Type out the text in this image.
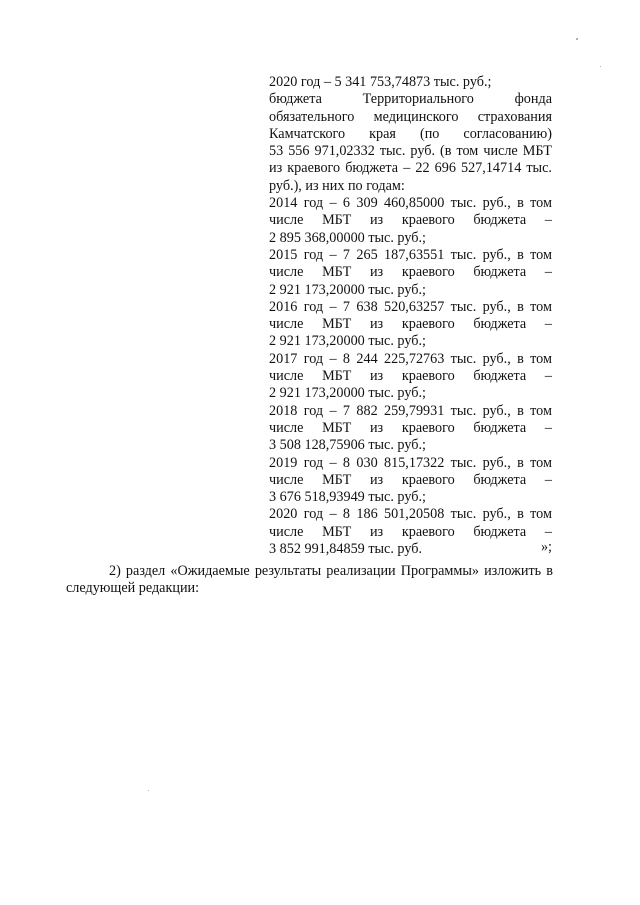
2020 год – 5 341 753,74873 тыс. руб.;
бюджета	Территориального	фонда
обязательного медицинского страхования
Камчатского края (по согласованию)
53 556 971,02332 тыс. руб. (в том числе МБТ
из краевого бюджета – 22 696 527,14714 тыс.
руб.), из них по годам:
2014 год – 6 309 460,85000 тыс. руб., в том
числе МБТ из краевого бюджета –
2 895 368,00000 тыс. руб.;
2015 год – 7 265 187,63551 тыс. руб., в том
числе МБТ из краевого бюджета –
2 921 173,20000 тыс. руб.;
2016 год – 7 638 520,63257 тыс. руб., в том
числе МБТ из краевого бюджета –
2 921 173,20000 тыс. руб.;
2017 год – 8 244 225,72763 тыс. руб., в том
числе МБТ из краевого бюджета –
2 921 173,20000 тыс. руб.;
2018 год – 7 882 259,79931 тыс. руб., в том
числе МБТ из краевого бюджета –
3 508 128,75906 тыс. руб.;
2019 год – 8 030 815,17322 тыс. руб., в том
числе МБТ из краевого бюджета –
3 676 518,93949 тыс. руб.;
2020 год – 8 186 501,20508 тыс. руб., в том
числе МБТ из краевого бюджета –
3 852 991,84859 тыс. руб.	»;
2) раздел «Ожидаемые результаты реализации Программы» изложить в
следующей редакции:
